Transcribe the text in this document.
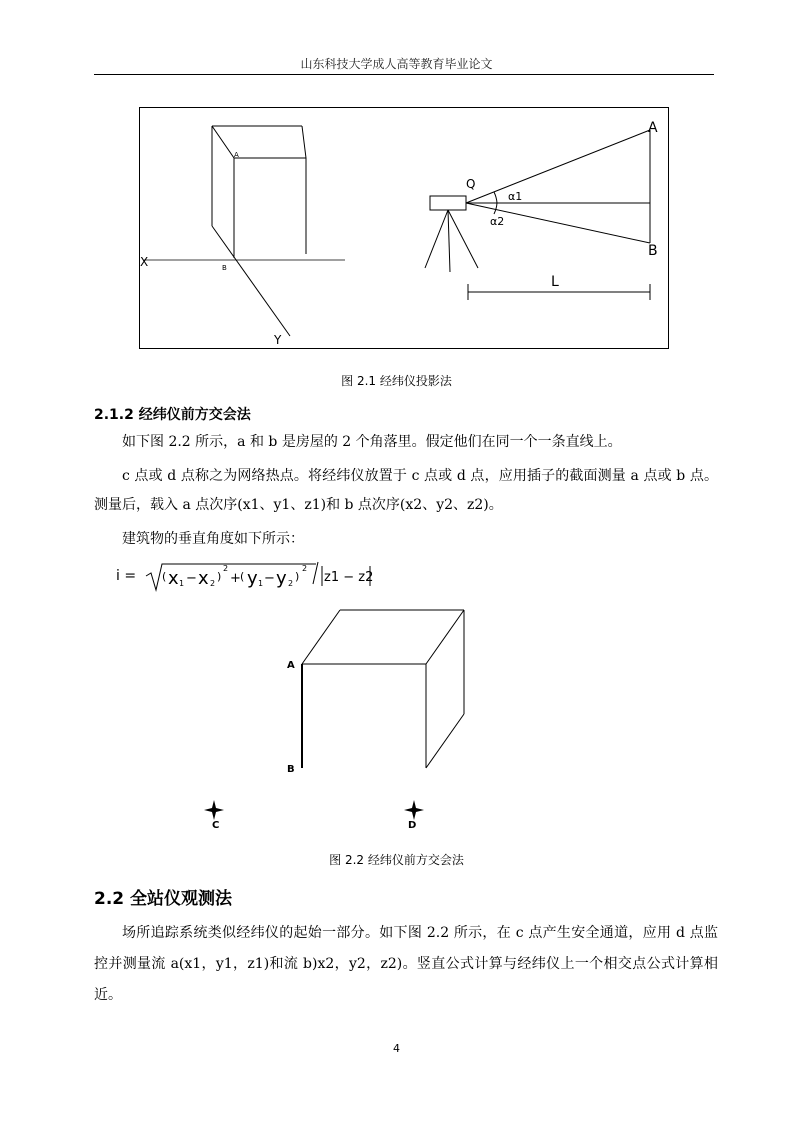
山东科技大学成人高等教育毕业论文
A
B
X
Y
Q
α1
α2
A
B
L
图 2.1 经纬仪投影法
2.1.2 经纬仪前方交会法
如下图 2.2 所示，a 和 b 是房屋的 2 个角落里。假定他们在同一个一条直线上。
c 点或 d 点称之为网络热点。将经纬仪放置于 c 点或 d 点，应用插子的截面测量 a 点或 b 点。测量后，载入 a 点次序(x1、y1、z1)和 b 点次序(x2、y2、z2)。
建筑物的垂直角度如下所示：
i = ( x 1 − x 2
)
2
+ ( y 1 − y 2
)
2
z1 − z2
A
B
C	D
图 2.2 经纬仪前方交会法
2.2 全站仪观测法
场所追踪系统类似经纬仪的起始一部分。如下图 2.2 所示，在 c 点产生安全通道，应用 d 点监控并测量流 a(x1，y1，z1)和流 b)x2，y2，z2)。竖直公式计算与经纬仪上一个相交点公式计算相近。
4
